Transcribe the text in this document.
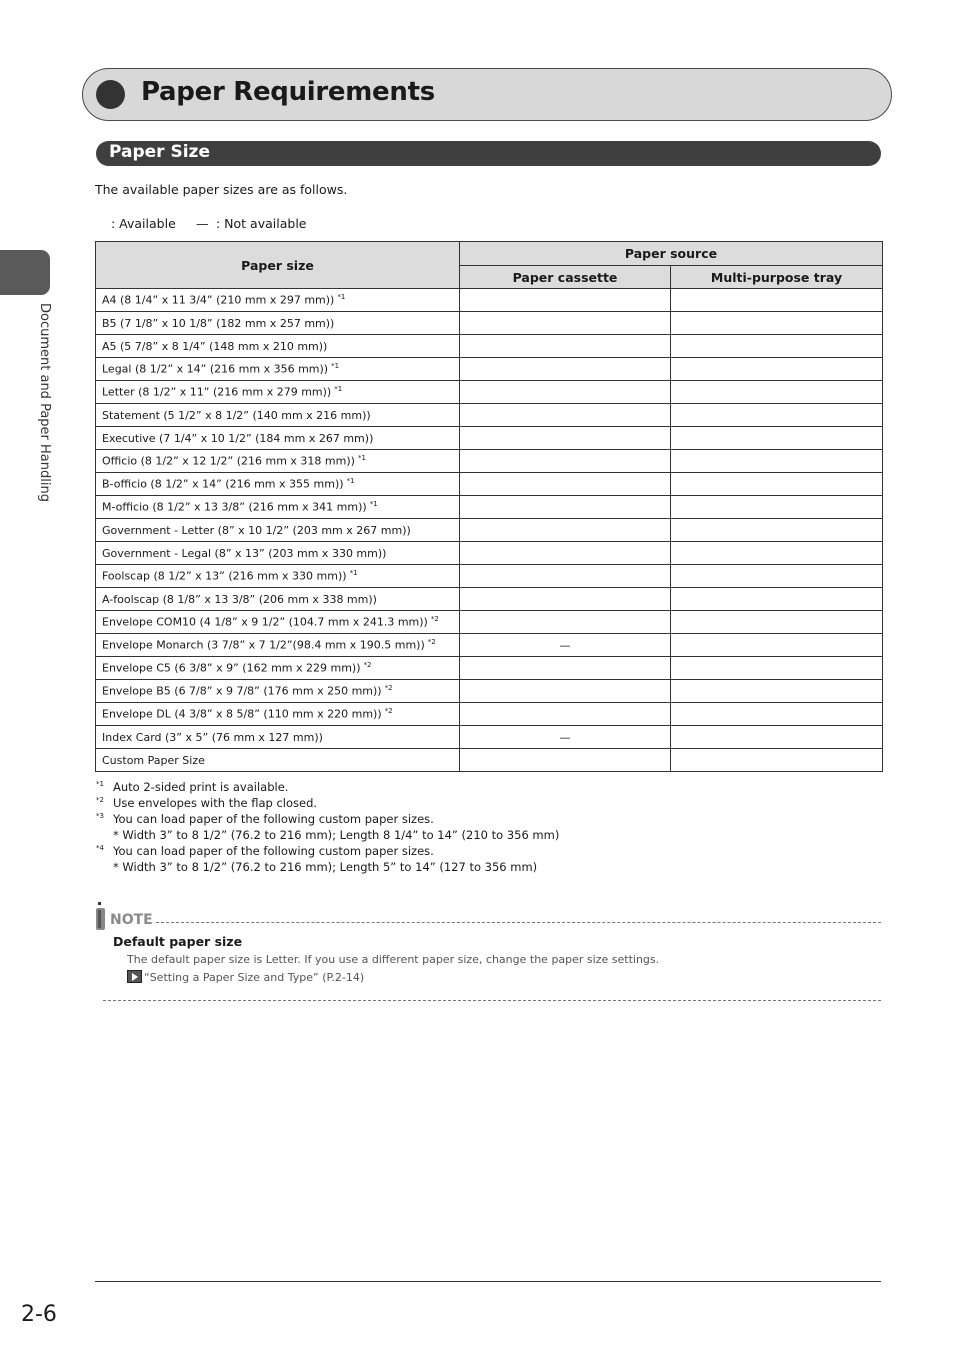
Paper Requirements
Paper Size
The available paper sizes are as follows.
: Available — : Not available
Document and Paper Handling
Paper size	Paper source	
	Paper cassette	Multi-purpose tray
A4 (8 1/4” x 11 3/4” (210 mm x 297 mm)) $^{*1}$		
B5 (7 1/8” x 10 1/8” (182 mm x 257 mm))		
A5 (5 7/8” x 8 1/4” (148 mm x 210 mm))		
Legal (8 1/2” x 14” (216 mm x 356 mm)) $^{*1}$		
Letter (8 1/2” x 11” (216 mm x 279 mm)) $^{*1}$		
Statement (5 1/2” x 8 1/2” (140 mm x 216 mm))		
Executive (7 1/4” x 10 1/2” (184 mm x 267 mm))		
Officio (8 1/2” x 12 1/2” (216 mm x 318 mm)) $^{*1}$		
B-officio (8 1/2” x 14” (216 mm x 355 mm)) $^{*1}$		
M-officio (8 1/2” x 13 3/8” (216 mm x 341 mm)) $^{*1}$		
Government - Letter (8” x 10 1/2” (203 mm x 267 mm))		
Government - Legal (8” x 13” (203 mm x 330 mm))		
Foolscap (8 1/2” x 13” (216 mm x 330 mm)) $^{*1}$		
A-foolscap (8 1/8” x 13 3/8” (206 mm x 338 mm))		
Envelope COM10 (4 1/8” x 9 1/2” (104.7 mm x 241.3 mm)) $^{*2}$		
Envelope Monarch (3 7/8” x 7 1/2”(98.4 mm x 190.5 mm)) $^{*2}$	—	
Envelope C5 (6 3/8” x 9” (162 mm x 229 mm)) $^{*2}$		
Envelope B5 (6 7/8” x 9 7/8” (176 mm x 250 mm)) $^{*2}$		
Envelope DL (4 3/8” x 8 5/8” (110 mm x 220 mm)) $^{*2}$		
Index Card (3” x 5” (76 mm x 127 mm))	—	
Custom Paper Size		
*1 Auto 2-sided print is available.
*2 Use envelopes with the flap closed.
*3 You can load paper of the following custom paper sizes.
* Width 3” to 8 1/2” (76.2 to 216 mm); Length 8 1/4” to 14” (210 to 356 mm)
*4 You can load paper of the following custom paper sizes.
* Width 3” to 8 1/2” (76.2 to 216 mm); Length 5” to 14” (127 to 356 mm)
NOTE
Default paper size
The default paper size is Letter. If you use a different paper size, change the paper size settings.
“Setting a Paper Size and Type” (P.2-14)
2-6
